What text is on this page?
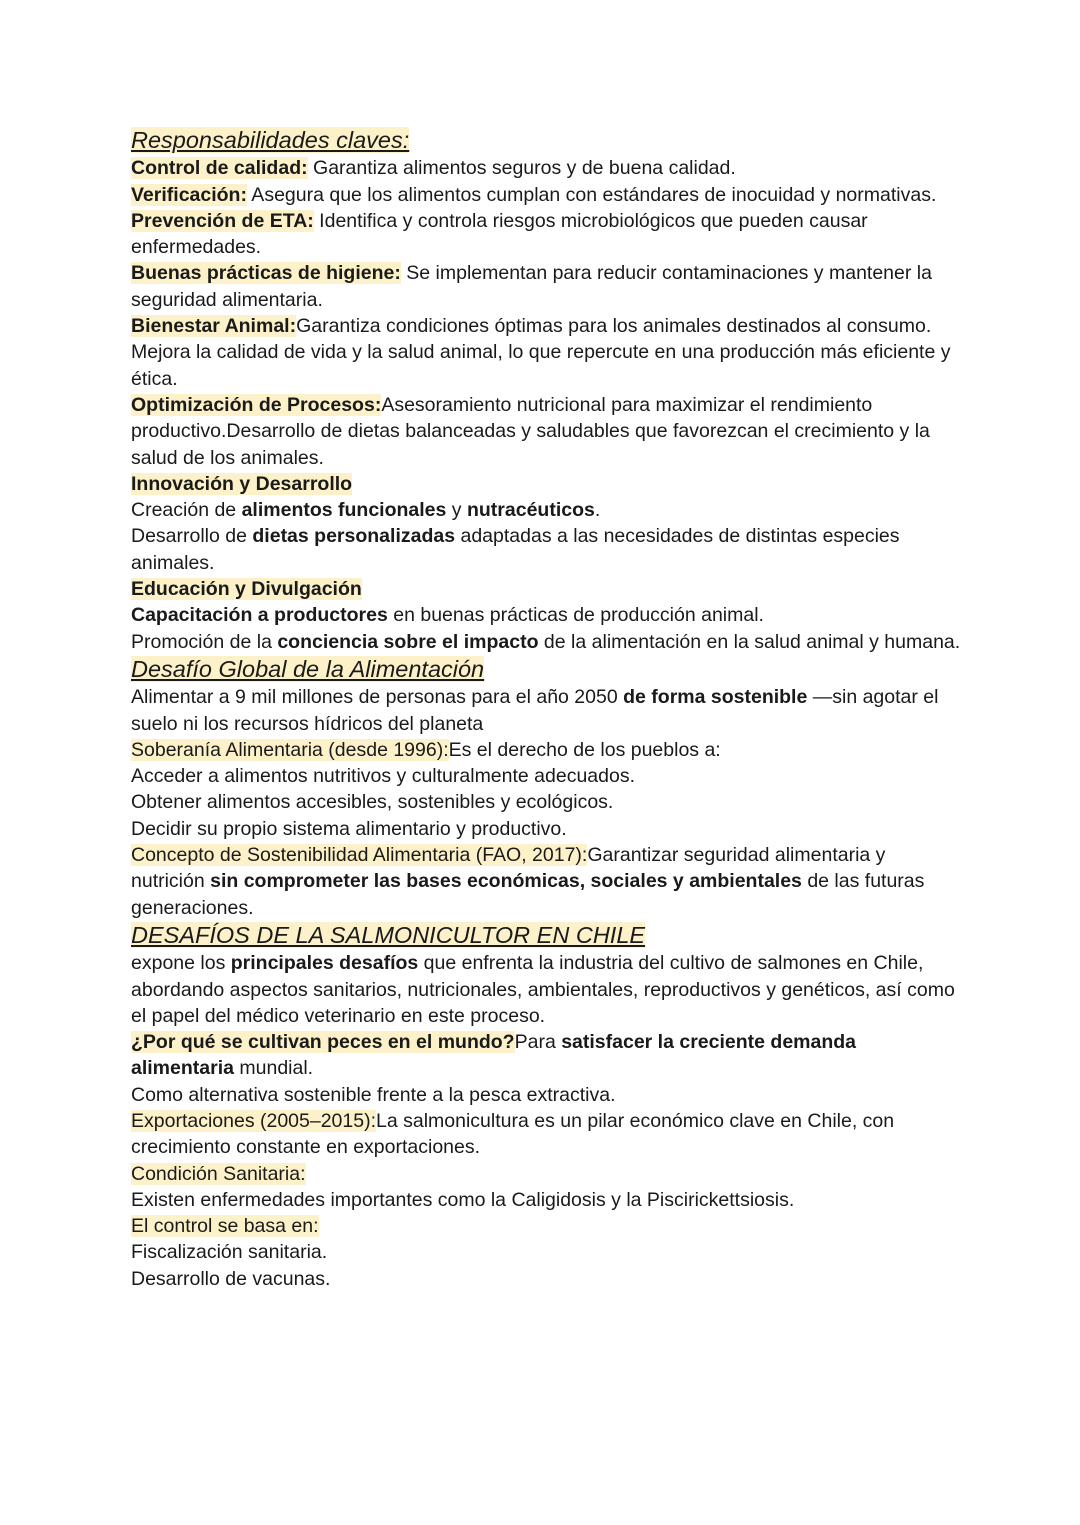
Responsabilidades claves:

Control de calidad: Garantiza alimentos seguros y de buena calidad.

Verificación: Asegura que los alimentos cumplan con estándares de inocuidad y normativas.

Prevención de ETA: Identifica y controla riesgos microbiológicos que pueden causar enfermedades.

Buenas prácticas de higiene: Se implementan para reducir contaminaciones y mantener la seguridad alimentaria.

Bienestar Animal:Garantiza condiciones óptimas para los animales destinados al consumo. Mejora la calidad de vida y la salud animal, lo que repercute en una producción más eficiente y ética.

Optimización de Procesos:Asesoramiento nutricional para maximizar el rendimiento productivo.Desarrollo de dietas balanceadas y saludables que favorezcan el crecimiento y la salud de los animales.

Innovación y Desarrollo

Creación de alimentos funcionales y nutracéuticos.

Desarrollo de dietas personalizadas adaptadas a las necesidades de distintas especies animales.

Educación y Divulgación

Capacitación a productores en buenas prácticas de producción animal.

Promoción de la conciencia sobre el impacto de la alimentación en la salud animal y humana.

Desafío Global de la Alimentación

Alimentar a 9 mil millones de personas para el año 2050 de forma sostenible —sin agotar el suelo ni los recursos hídricos del planeta

Soberanía Alimentaria (desde 1996):Es el derecho de los pueblos a:

Acceder a alimentos nutritivos y culturalmente adecuados.

Obtener alimentos accesibles, sostenibles y ecológicos.

Decidir su propio sistema alimentario y productivo.

Concepto de Sostenibilidad Alimentaria (FAO, 2017):Garantizar seguridad alimentaria y nutrición sin comprometer las bases económicas, sociales y ambientales de las futuras generaciones.

DESAFÍOS DE LA SALMONICULTOR EN CHILE

expone los principales desafíos que enfrenta la industria del cultivo de salmones en Chile, abordando aspectos sanitarios, nutricionales, ambientales, reproductivos y genéticos, así como el papel del médico veterinario en este proceso.

¿Por qué se cultivan peces en el mundo?Para satisfacer la creciente demanda alimentaria mundial.

Como alternativa sostenible frente a la pesca extractiva.

Exportaciones (2005–2015):La salmonicultura es un pilar económico clave en Chile, con crecimiento constante en exportaciones.

Condición Sanitaria:

Existen enfermedades importantes como la Caligidosis y la Piscirickettsiosis.

El control se basa en:

Fiscalización sanitaria.

Desarrollo de vacunas.
